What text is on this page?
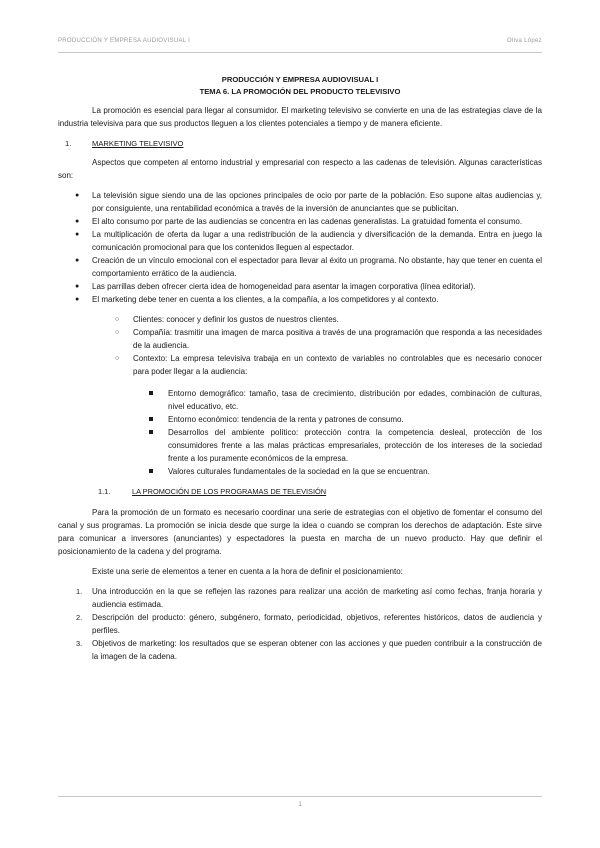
PRODUCCIÓN Y EMPRESA AUDIOVISUAL I	Oliva López
PRODUCCIÓN Y EMPRESA AUDIOVISUAL I
TEMA 6. LA PROMOCIÓN DEL PRODUCTO TELEVISIVO

La promoción es esencial para llegar al consumidor. El marketing televisivo se convierte en una de las estrategias clave de la industria televisiva para que sus productos lleguen a los clientes potenciales a tiempo y de manera eficiente.

1.	MARKETING TELEVISIVO

Aspectos que competen al entorno industrial y empresarial con respecto a las cadenas de televisión. Algunas características son:

● La televisión sigue siendo una de las opciones principales de ocio por parte de la población. Eso supone altas audiencias y, por consiguiente, una rentabilidad económica a través de la inversión de anunciantes que se publicitan.
● El alto consumo por parte de las audiencias se concentra en las cadenas generalistas. La gratuidad fomenta el consumo.
● La multiplicación de oferta da lugar a una redistribución de la audiencia y diversificación de la demanda. Entra en juego la comunicación promocional para que los contenidos lleguen al espectador.
● Creación de un vínculo emocional con el espectador para llevar al éxito un programa. No obstante, hay que tener en cuenta el comportamiento errático de la audiencia.
● Las parrillas deben ofrecer cierta idea de homogeneidad para asentar la imagen corporativa (línea editorial).
● El marketing debe tener en cuenta a los clientes, a la compañía, a los competidores y al contexto.
○ Clientes: conocer y definir los gustos de nuestros clientes.
○ Compañía: trasmitir una imagen de marca positiva a través de una programación que responda a las necesidades de la audiencia.
○ Contexto: La empresa televisiva trabaja en un contexto de variables no controlables que es necesario conocer para poder llegar a la audiencia:
Entorno demográfico: tamaño, tasa de crecimiento, distribución por edades, combinación de culturas, nivel educativo, etc.
Entorno económico: tendencia de la renta y patrones de consumo.
Desarrollos del ambiente político: protección contra la competencia desleal, protección de los consumidores frente a las malas prácticas empresariales, protección de los intereses de la sociedad frente a los puramente económicos de la empresa.
Valores culturales fundamentales de la sociedad en la que se encuentran.
1.1.	LA PROMOCIÓN DE LOS PROGRAMAS DE TELEVISIÓN

Para la promoción de un formato es necesario coordinar una serie de estrategias con el objetivo de fomentar el consumo del canal y sus programas. La promoción se inicia desde que surge la idea o cuando se compran los derechos de adaptación. Este sirve para comunicar a inversores (anunciantes) y espectadores la puesta en marcha de un nuevo producto. Hay que definir el posicionamiento de la cadena y del programa.

Existe una serie de elementos a tener en cuenta a la hora de definir el posicionamiento:

1. Una introducción en la que se reflejen las razones para realizar una acción de marketing así como fechas, franja horaria y audiencia estimada.
2. Descripción del producto: género, subgénero, formato, periodicidad, objetivos, referentes históricos, datos de audiencia y perfiles.
3. Objetivos de marketing: los resultados que se esperan obtener con las acciones y que pueden contribuir a la construcción de la imagen de la cadena.
1
